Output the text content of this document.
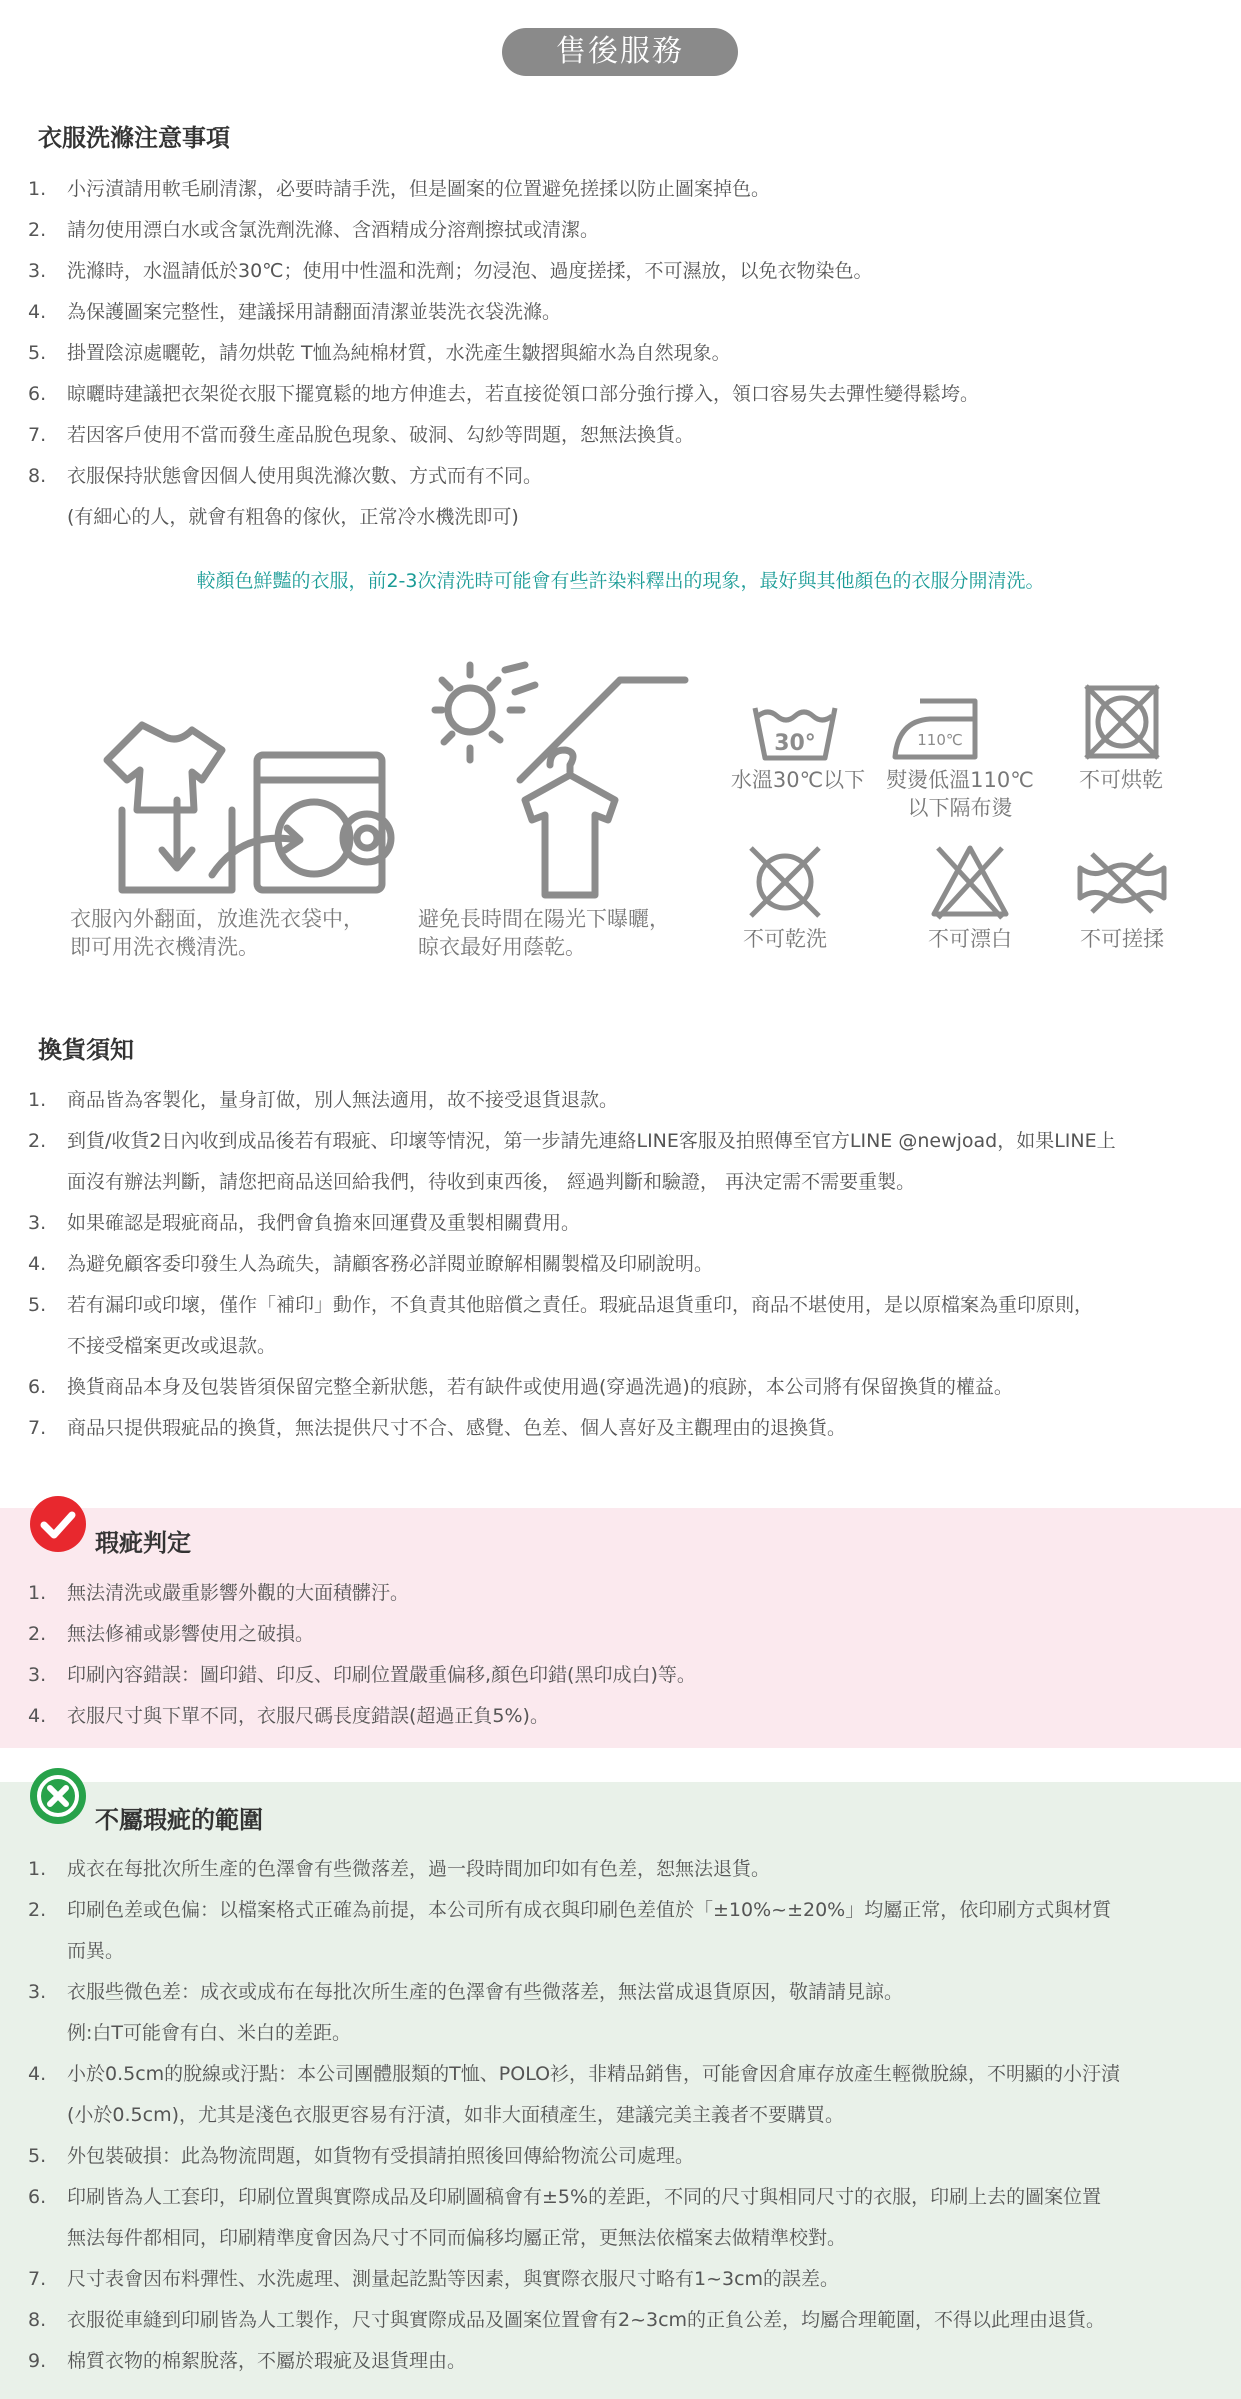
售後服務
衣服洗滌注意事項
1. 小污漬請用軟毛刷清潔，必要時請手洗，但是圖案的位置避免搓揉以防止圖案掉色。
2. 請勿使用漂白水或含氯洗劑洗滌、含酒精成分溶劑擦拭或清潔。
3. 洗滌時，水溫請低於30℃；使用中性溫和洗劑；勿浸泡、過度搓揉，不可濕放，以免衣物染色。
4. 為保護圖案完整性，建議採用請翻面清潔並裝洗衣袋洗滌。
5. 掛置陰涼處曬乾，請勿烘乾 T恤為純棉材質，水洗產生皺摺與縮水為自然現象。
6. 晾曬時建議把衣架從衣服下擺寬鬆的地方伸進去，若直接從領口部分強行撐入，領口容易失去彈性變得鬆垮。
7. 若因客戶使用不當而發生產品脫色現象、破洞、勾紗等問題，恕無法換貨。
8. 衣服保持狀態會因個人使用與洗滌次數、方式而有不同。
(有細心的人，就會有粗魯的傢伙，正常冷水機洗即可)
較顏色鮮豔的衣服，前2-3次清洗時可能會有些許染料釋出的現象，最好與其他顏色的衣服分開清洗。
30°
水溫30℃以下
110℃
熨燙低溫110℃
以下隔布燙
不可烘乾
不可乾洗	不可漂白	不可搓揉
衣服內外翻面，放進洗衣袋中，
即可用洗衣機清洗。
避免長時間在陽光下曝曬，
晾衣最好用蔭乾。
換貨須知
1. 商品皆為客製化，量身訂做，別人無法適用，故不接受退貨退款。
2. 到貨/收貨2日內收到成品後若有瑕疵、印壞等情況，第一步請先連絡LINE客服及拍照傳至官方LINE @newjoad，如果LINE上
面沒有辦法判斷，請您把商品送回給我們，待收到東西後， 經過判斷和驗證， 再決定需不需要重製。
3. 如果確認是瑕疵商品，我們會負擔來回運費及重製相關費用。
4. 為避免顧客委印發生人為疏失，請顧客務必詳閱並瞭解相關製檔及印刷說明。
5. 若有漏印或印壞，僅作「補印」動作，不負責其他賠償之責任。瑕疵品退貨重印，商品不堪使用，是以原檔案為重印原則，
不接受檔案更改或退款。
6. 換貨商品本身及包裝皆須保留完整全新狀態，若有缺件或使用過(穿過洗過)的痕跡，本公司將有保留換貨的權益。
7. 商品只提供瑕疵品的換貨，無法提供尺寸不合、感覺、色差、個人喜好及主觀理由的退換貨。
瑕疵判定
1. 無法清洗或嚴重影響外觀的大面積髒汙。
2. 無法修補或影響使用之破損。
3. 印刷內容錯誤：圖印錯、印反、印刷位置嚴重偏移,顏色印錯(黑印成白)等。
4. 衣服尺寸與下單不同，衣服尺碼長度錯誤(超過正負5%)。
不屬瑕疵的範圍
1. 成衣在每批次所生產的色澤會有些微落差，過一段時間加印如有色差，恕無法退貨。
2. 印刷色差或色偏：以檔案格式正確為前提，本公司所有成衣與印刷色差值於「±10%~±20%」均屬正常，依印刷方式與材質
而異。
3. 衣服些微色差：成衣或成布在每批次所生產的色澤會有些微落差，無法當成退貨原因，敬請請見諒。
例:白T可能會有白、米白的差距。
4. 小於0.5cm的脫線或汙點：本公司團體服類的T恤、POLO衫，非精品銷售，可能會因倉庫存放產生輕微脫線，不明顯的小汙漬
(小於0.5cm)，尤其是淺色衣服更容易有汙漬，如非大面積產生，建議完美主義者不要購買。
5. 外包裝破損：此為物流問題，如貨物有受損請拍照後回傳給物流公司處理。
6. 印刷皆為人工套印，印刷位置與實際成品及印刷圖稿會有±5%的差距，不同的尺寸與相同尺寸的衣服，印刷上去的圖案位置
無法每件都相同，印刷精準度會因為尺寸不同而偏移均屬正常，更無法依檔案去做精準校對。
7. 尺寸表會因布料彈性、水洗處理、測量起訖點等因素，與實際衣服尺寸略有1~3cm的誤差。
8. 衣服從車縫到印刷皆為人工製作，尺寸與實際成品及圖案位置會有2~3cm的正負公差，均屬合理範圍，不得以此理由退貨。
9. 棉質衣物的棉絮脫落，不屬於瑕疵及退貨理由。
